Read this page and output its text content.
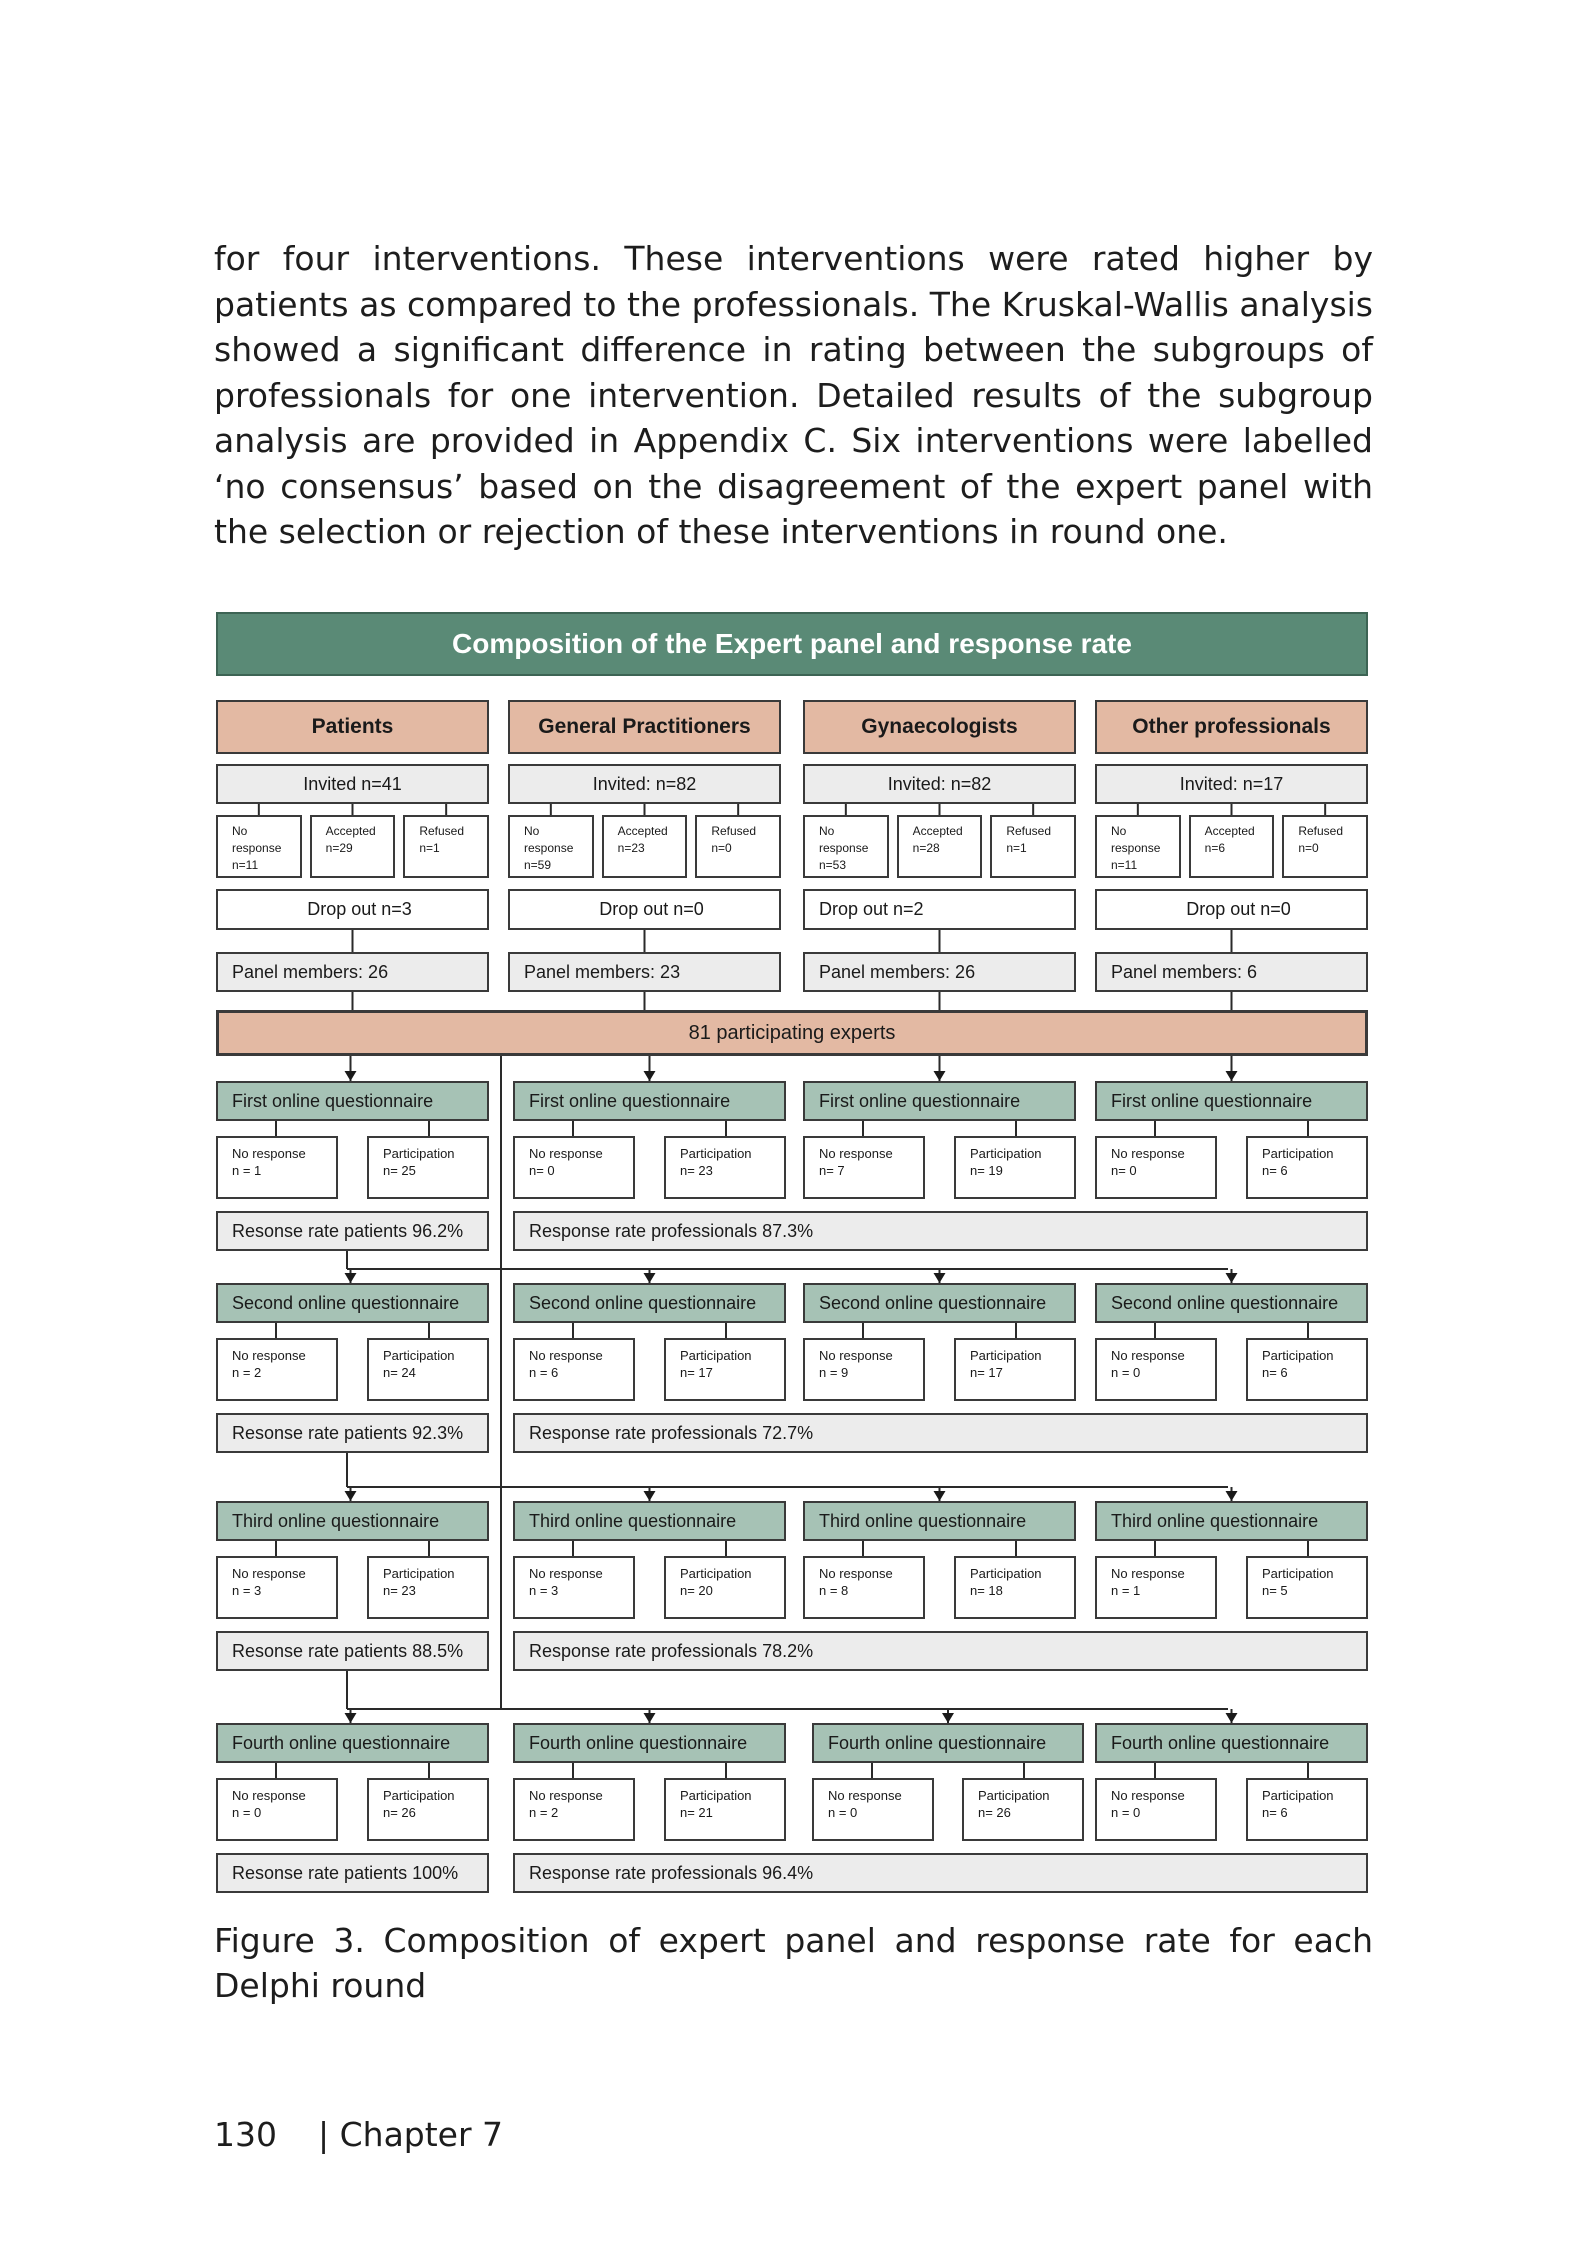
for four interventions. These interventions were rated higher by patients as compared to the professionals. The Kruskal-Wallis analysis showed a significant difference in rating between the subgroups of professionals for one intervention. Detailed results of the subgroup analysis are provided in Appendix C. Six interventions were labelled ‘no consensus’ based on the disagreement of the expert panel with the selection or rejection of these interventions in round one.
Composition of the Expert panel and response rate
Patients
Invited n=41
No
response
n=11
Accepted
n=29
Refused
n=1
Drop out n=3
Panel members: 26
General Practitioners
Invited: n=82
No
response
n=59
Accepted
n=23
Refused
n=0
Drop out n=0
Panel members: 23
Gynaecologists
Invited: n=82
No
response
n=53
Accepted
n=28
Refused
n=1
Drop out n=2
Panel members: 26
Other professionals
Invited: n=17
No
response
n=11
Accepted
n=6
Refused
n=0
Drop out n=0
Panel members: 6
81 participating experts
First online questionnaire
No response
n = 1
Participation
n= 25
First online questionnaire
No response
n= 0
Participation
n= 23
First online questionnaire
No response
n= 7
Participation
n= 19
First online questionnaire
No response
n= 0
Participation
n= 6
Resonse rate patients 96.2%	Response rate professionals 87.3%
Second online questionnaire
No response
n = 2
Participation
n= 24
Second online questionnaire
No response
n = 6
Participation
n= 17
Second online questionnaire
No response
n = 9
Participation
n= 17
Second online questionnaire
No response
n = 0
Participation
n= 6
Resonse rate patients 92.3%	Response rate professionals 72.7%
Third online questionnaire
No response
n = 3
Participation
n= 23
Third online questionnaire
No response
n = 3
Participation
n= 20
Third online questionnaire
No response
n = 8
Participation
n= 18
Third online questionnaire
No response
n = 1
Participation
n= 5
Resonse rate patients 88.5%	Response rate professionals 78.2%
Fourth online questionnaire
No response
n = 0
Participation
n= 26
Fourth online questionnaire
No response
n = 2
Participation
n= 21
Fourth online questionnaire
No response
n = 0
Participation
n= 26
Fourth online questionnaire
No response
n = 0
Participation
n= 6
Resonse rate patients 100%	Response rate professionals 96.4%
Figure 3. Composition of expert panel and response rate for each Delphi round
130 | Chapter 7
